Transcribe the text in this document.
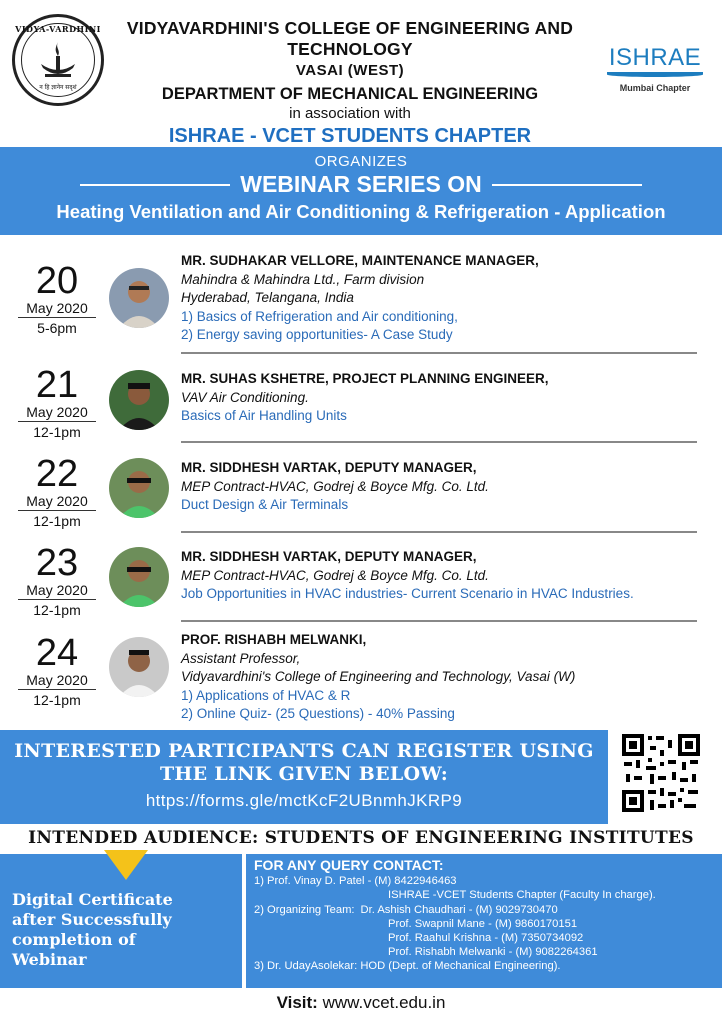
VIDYA-VARDHINI
न हि ज्ञानेन सदृशं
VIDYAVARDHINI'S COLLEGE OF ENGINEERING AND TECHNOLOGY
VASAI (WEST)
DEPARTMENT OF MECHANICAL ENGINEERING
in association with
ISHRAE - VCET STUDENTS CHAPTER
ISHRAE
Mumbai Chapter
ORGANIZES
WEBINAR SERIES ON
Heating Ventilation and Air Conditioning & Refrigeration - Application
20
May 2020
5-6pm
MR. SUDHAKAR VELLORE, MAINTENANCE MANAGER,
Mahindra & Mahindra Ltd., Farm division
Hyderabad, Telangana, India
1) Basics of Refrigeration and Air conditioning,
2) Energy saving opportunities- A Case Study
21
May 2020
12-1pm
MR. SUHAS KSHETRE, PROJECT PLANNING ENGINEER,
VAV Air Conditioning.
Basics of Air Handling Units
22
May 2020
12-1pm
MR. SIDDHESH VARTAK, DEPUTY MANAGER,
MEP Contract-HVAC, Godrej & Boyce Mfg. Co. Ltd.
Duct Design & Air Terminals
23
May 2020
12-1pm
MR. SIDDHESH VARTAK, DEPUTY MANAGER,
MEP Contract-HVAC, Godrej & Boyce Mfg. Co. Ltd.
Job Opportunities in HVAC industries- Current Scenario in HVAC Industries.
24
May 2020
12-1pm
PROF. RISHABH MELWANKI,
Assistant Professor,
Vidyavardhini's College of Engineering and Technology, Vasai (W)
1) Applications of HVAC & R
2) Online Quiz- (25 Questions) - 40% Passing
INTERESTED PARTICIPANTS CAN REGISTER USING
THE LINK GIVEN BELOW:
https://forms.gle/mctKcF2UBnmhJKRP9
INTENDED AUDIENCE: STUDENTS OF ENGINEERING INSTITUTES
Digital Certificate
after Successfully
completion of
Webinar
FOR ANY QUERY CONTACT:
1) Prof. Vinay D. Patel - (M) 8422946463
ISHRAE -VCET Students Chapter (Faculty In charge).
2) Organizing Team: Dr. Ashish Chaudhari - (M) 9029730470
Prof. Swapnil Mane - (M) 9860170151
Prof. Raahul Krishna - (M) 7350734092
Prof. Rishabh Melwanki - (M) 9082264361
3) Dr. UdayAsolekar: HOD (Dept. of Mechanical Engineering).
Visit: www.vcet.edu.in
